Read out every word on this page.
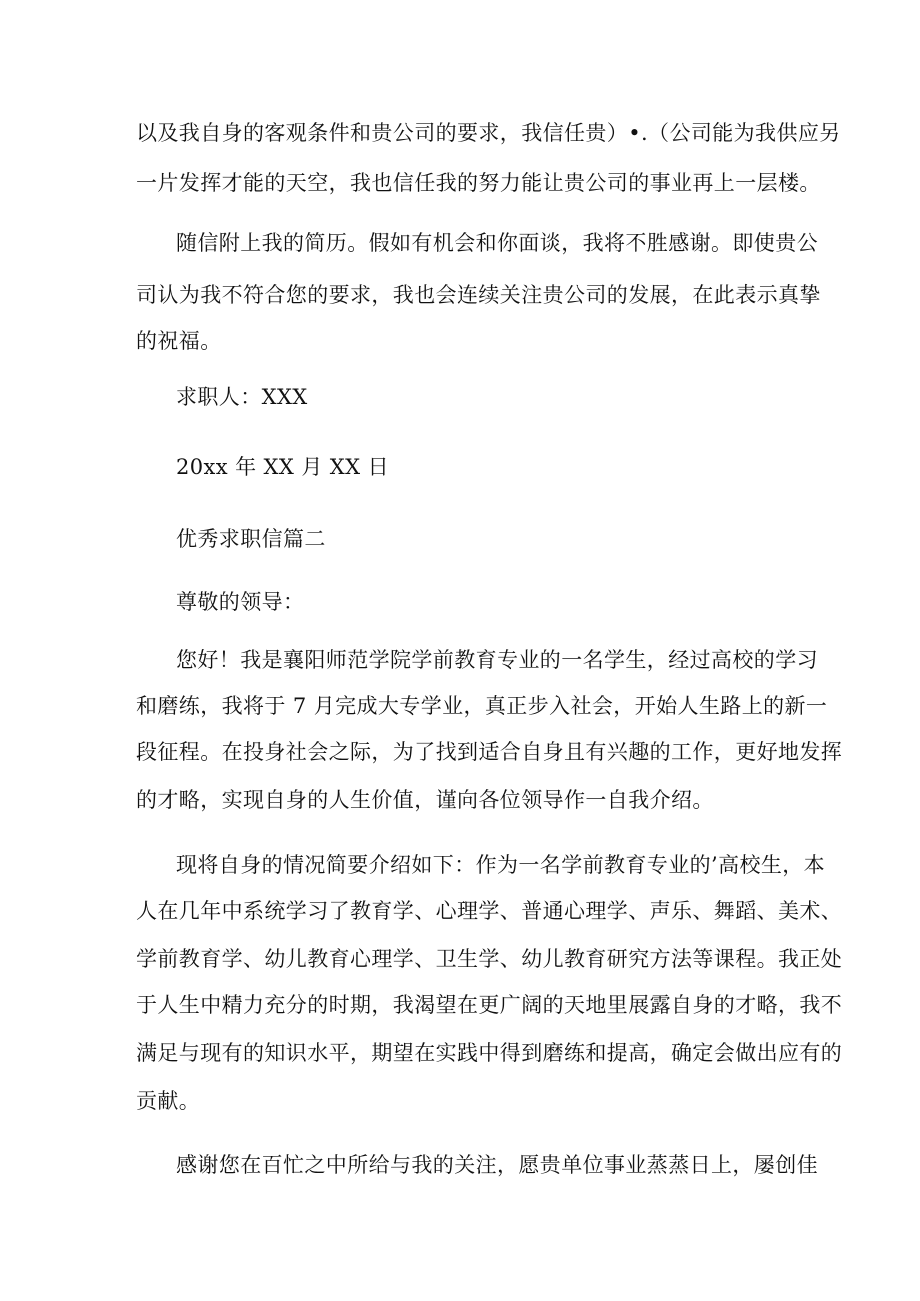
以及我自身的客观条件和贵公司的要求，我信任贵）•.（公司能为我供应另
一片发挥才能的天空，我也信任我的努力能让贵公司的事业再上一层楼。
随信附上我的简历。假如有机会和你面谈，我将不胜感谢。即使贵公
司认为我不符合您的要求，我也会连续关注贵公司的发展，在此表示真挚
的祝福。
求职人：XXX
20xx 年 XX 月 XX 日
优秀求职信篇二
尊敬的领导：
您好！我是襄阳师范学院学前教育专业的一名学生，经过高校的学习
和磨练，我将于 7 月完成大专学业，真正步入社会，开始人生路上的新一
段征程。在投身社会之际，为了找到适合自身且有兴趣的工作，更好地发挥
的才略，实现自身的人生价值，谨向各位领导作一自我介绍。
现将自身的情况简要介绍如下：作为一名学前教育专业的’高校生，本
人在几年中系统学习了教育学、心理学、普通心理学、声乐、舞蹈、美术、
学前教育学、幼儿教育心理学、卫生学、幼儿教育研究方法等课程。我正处
于人生中精力充分的时期，我渴望在更广阔的天地里展露自身的才略，我不
满足与现有的知识水平，期望在实践中得到磨练和提高，确定会做出应有的
贡献。
感谢您在百忙之中所给与我的关注，愿贵单位事业蒸蒸日上，屡创佳
